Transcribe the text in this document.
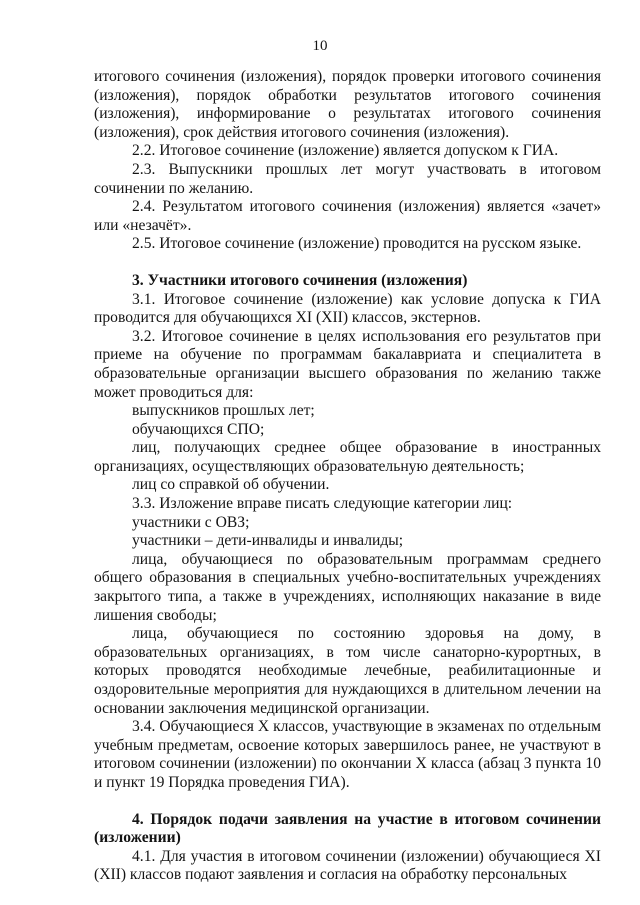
10

итогового сочинения (изложения), порядок проверки итогового сочинения (изложения), порядок обработки результатов итогового сочинения (изложения), информирование о результатах итогового сочинения (изложения), срок действия итогового сочинения (изложения).

2.2. Итоговое сочинение (изложение) является допуском к ГИА.

2.3. Выпускники прошлых лет могут участвовать в итоговом сочинении по желанию.

2.4. Результатом итогового сочинения (изложения) является «зачет» или «незачёт».

2.5. Итоговое сочинение (изложение) проводится на русском языке.

3. Участники итогового сочинения (изложения)

3.1. Итоговое сочинение (изложение) как условие допуска к ГИА проводится для обучающихся XI (XII) классов, экстернов.

3.2. Итоговое сочинение в целях использования его результатов при приеме на обучение по программам бакалавриата и специалитета в образовательные организации высшего образования по желанию также может проводиться для:

выпускников прошлых лет;

обучающихся СПО;

лиц, получающих среднее общее образование в иностранных организациях, осуществляющих образовательную деятельность;

лиц со справкой об обучении.

3.3. Изложение вправе писать следующие категории лиц:

участники с ОВЗ;

участники – дети-инвалиды и инвалиды;

лица, обучающиеся по образовательным программам среднего общего образования в специальных учебно-воспитательных учреждениях закрытого типа, а также в учреждениях, исполняющих наказание в виде лишения свободы;

лица, обучающиеся по состоянию здоровья на дому, в образовательных организациях, в том числе санаторно-курортных, в которых проводятся необходимые лечебные, реабилитационные и оздоровительные мероприятия для нуждающихся в длительном лечении на основании заключения медицинской организации.

3.4. Обучающиеся X классов, участвующие в экзаменах по отдельным учебным предметам, освоение которых завершилось ранее, не участвуют в итоговом сочинении (изложении) по окончании X класса (абзац 3 пункта 10 и пункт 19 Порядка проведения ГИА).

4. Порядок подачи заявления на участие в итоговом сочинении (изложении)

4.1. Для участия в итоговом сочинении (изложении) обучающиеся XI (XII) классов подают заявления и согласия на обработку персональных
